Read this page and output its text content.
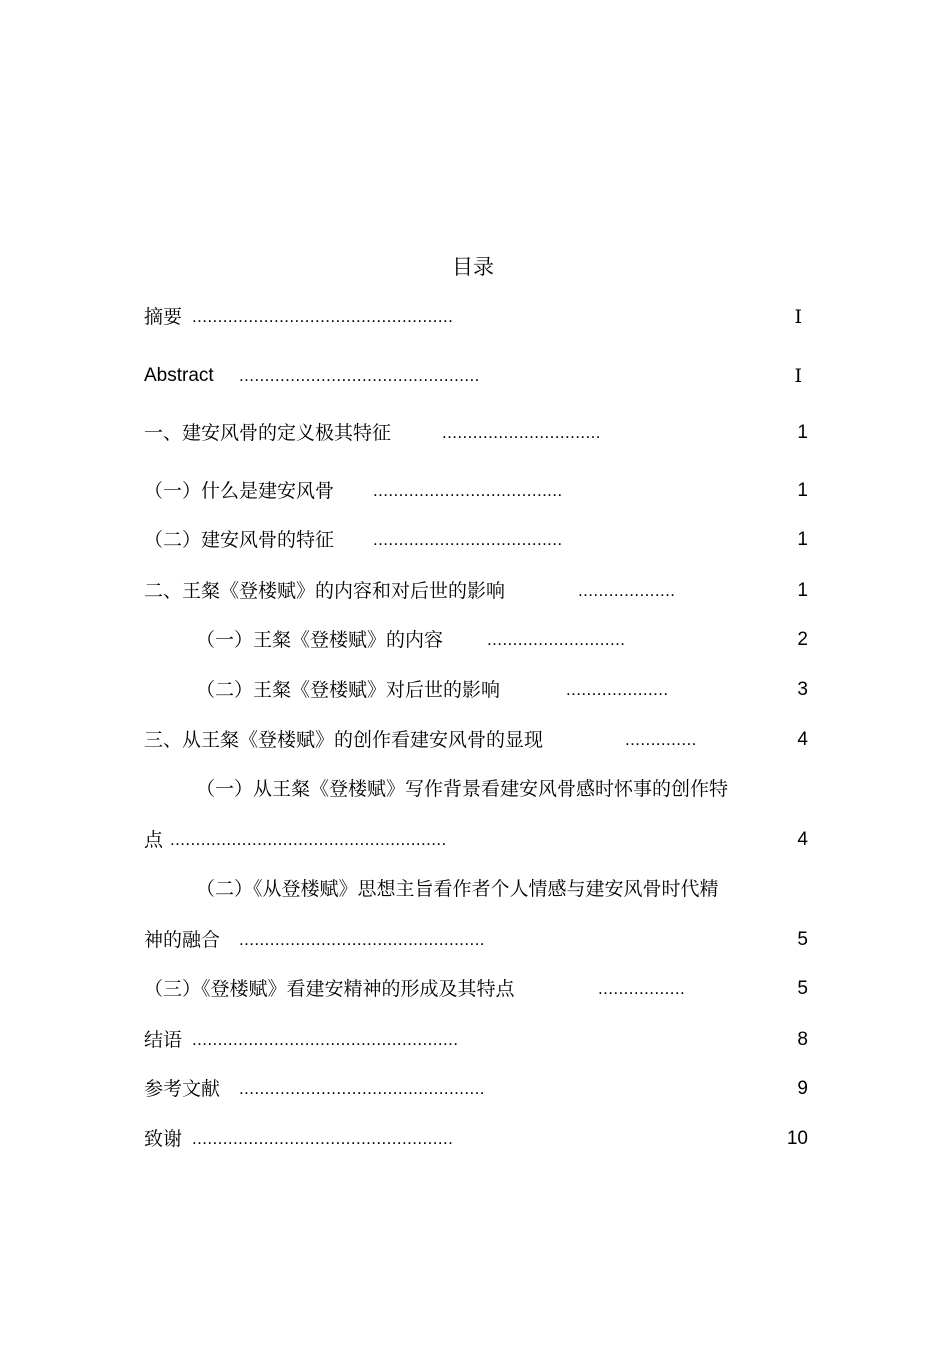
目录
摘要 ...................................................	I
Abstract ...............................................	I
一、建安风骨的定义极其特征	...............................	1
（一）什么是建安风骨 .....................................	1
（二）建安风骨的特征 .....................................	1
二、王粲《登楼赋》的内容和对后世的影响	...................	1
（一）王粲《登楼赋》的内容	...........................	2
（二）王粲《登楼赋》对后世的影响	....................	3
三、从王粲《登楼赋》的创作看建安风骨的显现	..............	4
（一）从王粲《登楼赋》写作背景看建安风骨感时怀事的创作特
点 ......................................................	4
（二）《从登楼赋》思想主旨看作者个人情感与建安风骨时代精
神的融合 ................................................	5
（三）《登楼赋》看建安精神的形成及其特点	.................	5
结语 ....................................................	8
参考文献 ................................................	9
致谢 ...................................................	10
